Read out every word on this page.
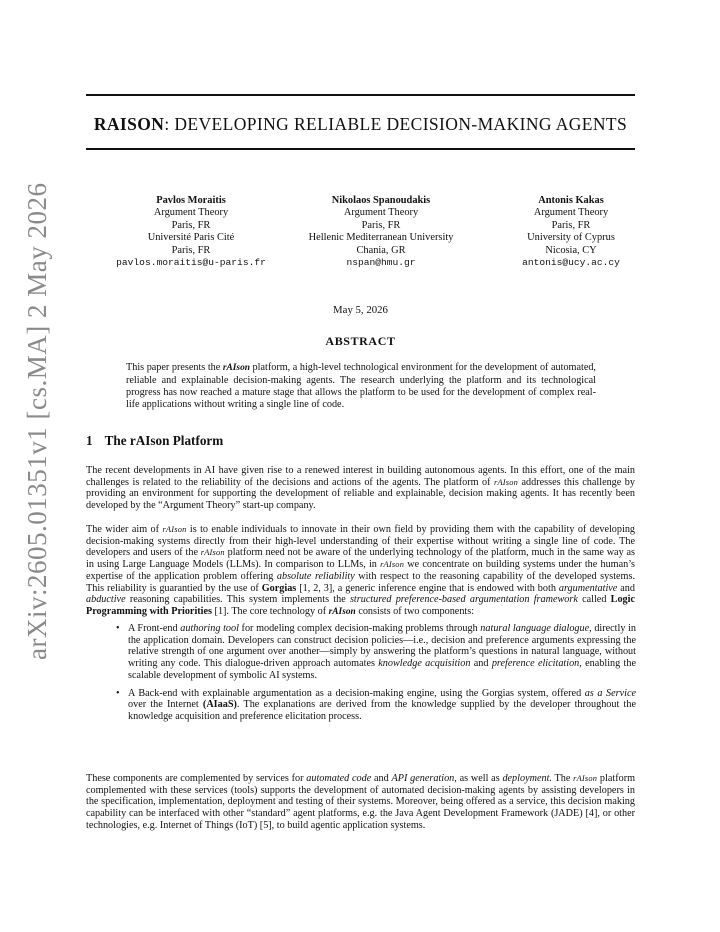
arXiv:2605.01351v1 [cs.MA] 2 May 2026
RAISON: DEVELOPING RELIABLE DECISION-MAKING AGENTS
Pavlos Moraitis
Argument Theory
Paris, FR
Université Paris Cité
Paris, FR
pavlos.moraitis@u-paris.fr
Nikolaos Spanoudakis
Argument Theory
Paris, FR
Hellenic Mediterranean University
Chania, GR
nspan@hmu.gr
Antonis Kakas
Argument Theory
Paris, FR
University of Cyprus
Nicosia, CY
antonis@ucy.ac.cy
May 5, 2026
ABSTRACT
This paper presents the rAIson platform, a high-level technological environment for the development of automated, reliable and explainable decision-making agents. The research underlying the platform and its technological progress has now reached a mature stage that allows the platform to be used for the development of complex real-life applications without writing a single line of code.
1 The rAIson Platform
The recent developments in AI have given rise to a renewed interest in building autonomous agents. In this effort, one of the main challenges is related to the reliability of the decisions and actions of the agents. The platform of rAIson addresses this challenge by providing an environment for supporting the development of reliable and explainable, decision making agents. It has recently been developed by the “Argument Theory” start-up company.
The wider aim of rAIson is to enable individuals to innovate in their own field by providing them with the capability of developing decision-making systems directly from their high-level understanding of their expertise without writing a single line of code. The developers and users of the rAIson platform need not be aware of the underlying technology of the platform, much in the same way as in using Large Language Models (LLMs). In comparison to LLMs, in rAIson we concentrate on building systems under the human’s expertise of the application problem offering absolute reliability with respect to the reasoning capability of the developed systems. This reliability is guarantied by the use of Gorgias [1, 2, 3], a generic inference engine that is endowed with both argumentative and abductive reasoning capabilities. This system implements the structured preference-based argumentation framework called Logic Programming with Priorities [1]. The core technology of rAIson consists of two components:
• A Front-end authoring tool for modeling complex decision-making problems through natural language dialogue, directly in the application domain. Developers can construct decision policies—i.e., decision and preference arguments expressing the relative strength of one argument over another—simply by answering the platform’s questions in natural language, without writing any code. This dialogue-driven approach automates knowledge acquisition and preference elicitation, enabling the scalable development of symbolic AI systems.
• A Back-end with explainable argumentation as a decision-making engine, using the Gorgias system, offered as a Service over the Internet (AIaaS). The explanations are derived from the knowledge supplied by the developer throughout the knowledge acquisition and preference elicitation process.
These components are complemented by services for automated code and API generation, as well as deployment. The rAIson platform complemented with these services (tools) supports the development of automated decision-making agents by assisting developers in the specification, implementation, deployment and testing of their systems. Moreover, being offered as a service, this decision making capability can be interfaced with other “standard” agent platforms, e.g. the Java Agent Development Framework (JADE) [4], or other technologies, e.g. Internet of Things (IoT) [5], to build agentic application systems.
